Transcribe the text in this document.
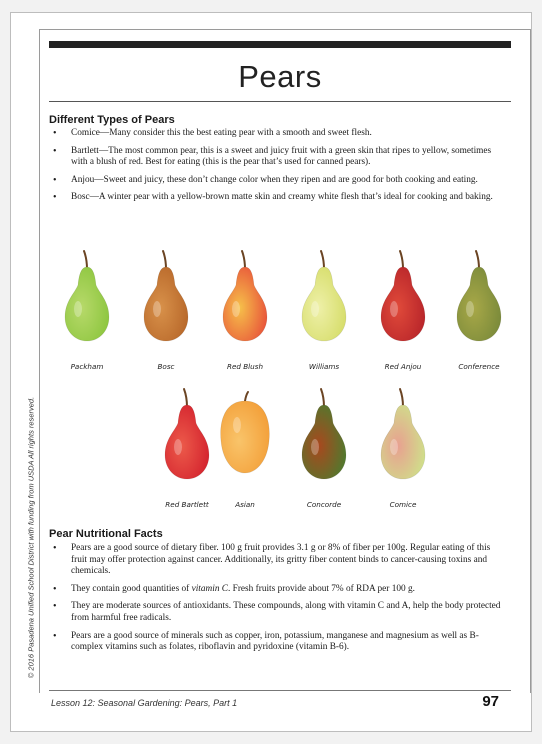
Pears
© 2016 Pasadena Unified School District with funding from USDA All rights reserved.
Different Types of Pears
• Comice—Many consider this the best eating pear with a smooth and sweet flesh.
• Bartlett—The most common pear, this is a sweet and juicy fruit with a green skin that ripes to yellow, sometimes with a blush of red. Best for eating (this is the pear that’s used for canned pears).
• Anjou—Sweet and juicy, these don’t change color when they ripen and are good for both cooking and eating.
• Bosc—A winter pear with a yellow-brown matte skin and creamy white flesh that’s ideal for cooking and baking.
Packham	Bosc	Red Blush	Williams	Red Anjou	Conference
Red Bartlett	Asian	Concorde	Comice
Pear Nutritional Facts
• Pears are a good source of dietary fiber. 100 g fruit provides 3.1 g or 8% of fiber per 100g. Regular eating of this fruit may offer protection against cancer. Additionally, its gritty fiber content binds to cancer-causing toxins and chemicals.
• They contain good quantities of vitamin C. Fresh fruits provide about 7% of RDA per 100 g.
• They are moderate sources of antioxidants. These compounds, along with vitamin C and A, help the body protected from harmful free radicals.
• Pears are a good source of minerals such as copper, iron, potassium, manganese and magnesium as well as B-complex vitamins such as folates, riboflavin and pyridoxine (vitamin B-6).
Lesson 12: Seasonal Gardening: Pears, Part 1	97
